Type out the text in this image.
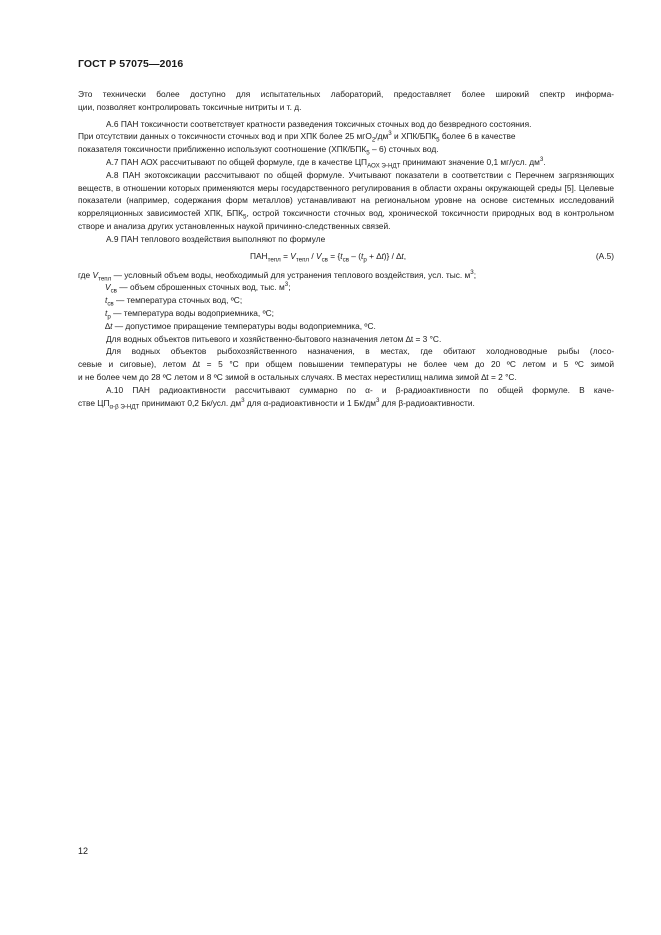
ГОСТ Р 57075—2016

Это технически более доступно для испытательных лабораторий, предоставляет более широкий спектр информа-
ции, позволяет контролировать токсичные нитриты и т. д.

А.6 ПАН токсичности соответствует кратности разведения токсичных сточных вод до безвредного состояния.
При отсутствии данных о токсичности сточных вод и при ХПК более 25 $мгO_2/дм^3$ и ХПК/$БПК_5$ более 6 в качестве
показателя токсичности приближенно используют соотношение $(ХПК/БПК_5 - 6)$ сточных вод.

А.7 ПАН АОХ рассчитывают по общей формуле, где в качестве $ЦП_{АОХ Э-НДТ}$ принимают значение 0,1 мг/усл. $дм^3$.

А.8 ПАН экотоксикации рассчитывают по общей формуле. Учитывают показатели в соответствии с Перечнем загрязняющих веществ, в отношении которых применяются меры государственного регулирования в области охраны окружающей среды [5]. Целевые показатели (например, содержания форм металлов) устанавливают на региональном уровне на основе системных исследований корреляционных зависимостей ХПК, $БПК_5$, острой токсичности сточных вод, хронической токсичности природных вод в контрольном створе и анализа других установленных наукой причинно-следственных связей.

А.9 ПАН теплового воздействия выполняют по формуле

$ПАН_{тепл} = V_{тепл} / V_{св} = \{t_{св} - (t_р + \Delta t)\} / \Delta t$,	(А.5)

где $V_{тепл}$ — условный объем воды, необходимый для устранения теплового воздействия, усл. тыс. $м^3$;

$V_{св}$ — объем сброшенных сточных вод, тыс. $м^3$;

$t_{св}$ — температура сточных вод, ºС;

$t_р$ — температура воды водоприемника, ºС;

∆t — допустимое приращение температуры воды водоприемника, ºС.

Для водных объектов питьевого и хозяйственно-бытового назначения летом ∆t = 3 °С.

Для водных объектов рыбохозяйственного назначения, в местах, где обитают холодноводные рыбы (лосо-
севые и сиговые), летом ∆t = 5 °С при общем повышении температуры не более чем до 20 ºС летом и 5 ºС зимой
и не более чем до 28 ºС летом и 8 ºС зимой в остальных случаях. В местах нерестилищ налима зимой ∆t = 2 °С.

А.10 ПАН радиоактивности рассчитывают суммарно по α- и β-радиоактивности по общей формуле. В каче-
стве $ЦП_{\alpha-\beta Э-НДТ}$ принимают 0,2 Бк/усл. $дм^3$ для α-радиоактивности и 1 $Бк/дм^3$ для β-радиоактивности.

12
